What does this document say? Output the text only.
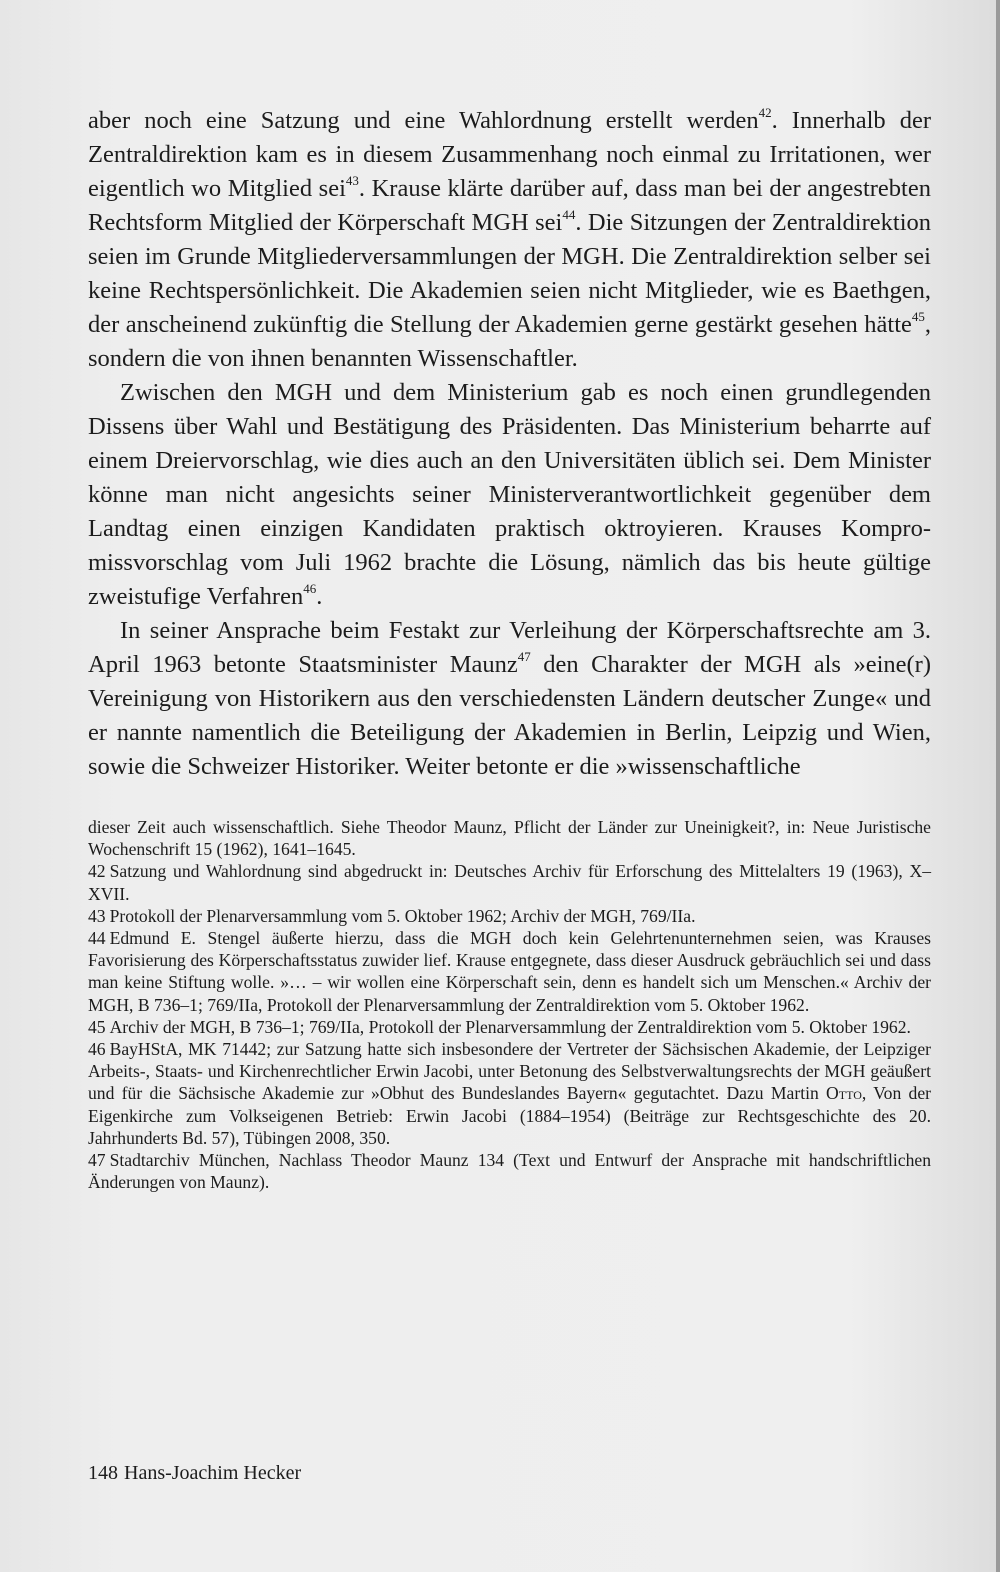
aber noch eine Satzung und eine Wahlordnung erstellt werden$^{42}$. Innerhalb der Zentraldirektion kam es in diesem Zusammenhang noch einmal zu Irritationen, wer eigentlich wo Mitglied sei$^{43}$. Krause klärte darüber auf, dass man bei der angestrebten Rechtsform Mitglied der Körperschaft MGH sei$^{44}$. Die Sitzungen der Zentraldirektion seien im Grunde Mitgliederversammlungen der MGH. Die Zentraldirektion selber sei keine Rechtspersönlichkeit. Die Akademien seien nicht Mitglieder, wie es Baethgen, der anscheinend zukünftig die Stellung der Akademien gerne gestärkt gesehen hätte$^{45}$, sondern die von ihnen benannten Wissenschaftler.

Zwischen den MGH und dem Ministerium gab es noch einen grundlegenden Dissens über Wahl und Bestätigung des Präsidenten. Das Ministerium beharrte auf einem Dreiervorschlag, wie dies auch an den Universitäten üblich sei. Dem Minister könne man nicht angesichts seiner Ministerverantwortlichkeit gegenüber dem Landtag einen einzigen Kandidaten praktisch oktroyieren. Krauses Kompromissvorschlag vom Juli 1962 brachte die Lösung, nämlich das bis heute gültige zweistufige Verfahren$^{46}$.

In seiner Ansprache beim Festakt zur Verleihung der Körperschaftsrechte am 3. April 1963 betonte Staatsminister Maunz$^{47}$ den Charakter der MGH als »eine(r) Vereinigung von Historikern aus den verschiedensten Ländern deutscher Zunge« und er nannte namentlich die Beteiligung der Akademien in Berlin, Leipzig und Wien, sowie die Schweizer Historiker. Weiter betonte er die »wissenschaftliche

dieser Zeit auch wissenschaftlich. Siehe Theodor Maunz, Pflicht der Länder zur Uneinigkeit?, in: Neue Juristische Wochenschrift 15 (1962), 1641–1645.

42 Satzung und Wahlordnung sind abgedruckt in: Deutsches Archiv für Erforschung des Mittelalters 19 (1963), X–XVII.

43 Protokoll der Plenarversammlung vom 5. Oktober 1962; Archiv der MGH, 769/IIa.

44 Edmund E. Stengel äußerte hierzu, dass die MGH doch kein Gelehrtenunternehmen seien, was Krauses Favorisierung des Körperschaftsstatus zuwider lief. Krause entgegnete, dass dieser Ausdruck gebräuchlich sei und dass man keine Stiftung wolle. »… – wir wollen eine Körperschaft sein, denn es handelt sich um Menschen.« Archiv der MGH, B 736–1; 769/IIa, Protokoll der Plenarversammlung der Zentraldirektion vom 5. Oktober 1962.

45 Archiv der MGH, B 736–1; 769/IIa, Protokoll der Plenarversammlung der Zentraldirektion vom 5. Oktober 1962.

46 BayHStA, MK 71442; zur Satzung hatte sich insbesondere der Vertreter der Sächsischen Akademie, der Leipziger Arbeits-, Staats- und Kirchenrechtlicher Erwin Jacobi, unter Betonung des Selbstverwaltungsrechts der MGH geäußert und für die Sächsische Akademie zur »Obhut des Bundeslandes Bayern« gegutachtet. Dazu Martin Otto, Von der Eigenkirche zum Volkseigenen Betrieb: Erwin Jacobi (1884–1954) (Beiträge zur Rechtsgeschichte des 20. Jahrhunderts Bd. 57), Tübingen 2008, 350.

47 Stadtarchiv München, Nachlass Theodor Maunz 134 (Text und Entwurf der Ansprache mit handschriftlichen Änderungen von Maunz).

148 Hans-Joachim Hecker
